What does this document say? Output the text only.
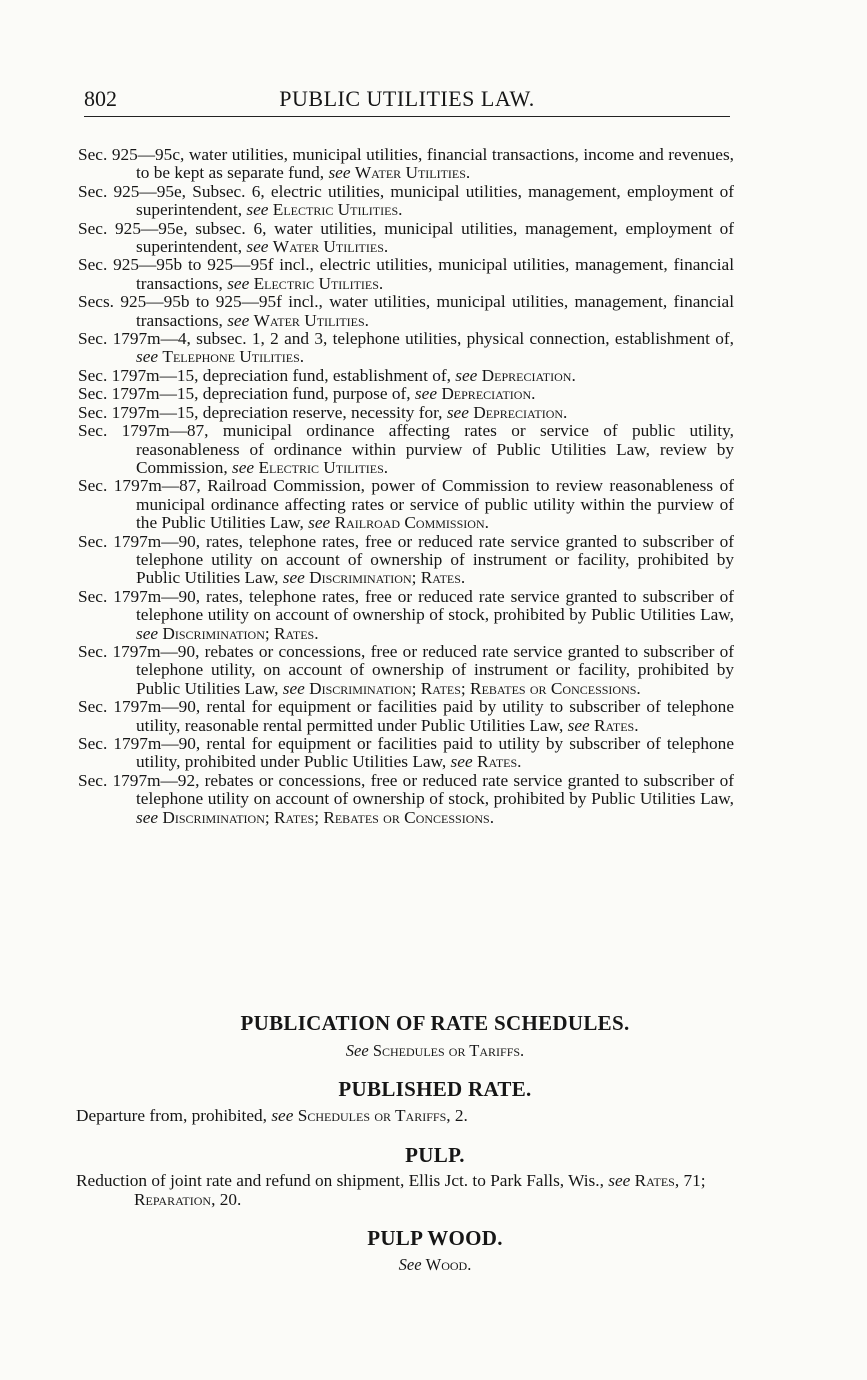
802	PUBLIC UTILITIES LAW.

Sec. 925—95c, water utilities, municipal utilities, financial transactions, income and revenues, to be kept as separate fund, see Water Utilities.

Sec. 925—95e, Subsec. 6, electric utilities, municipal utilities, management, employment of superintendent, see Electric Utilities.

Sec. 925—95e, subsec. 6, water utilities, municipal utilities, management, employment of superintendent, see Water Utilities.

Sec. 925—95b to 925—95f incl., electric utilities, municipal utilities, management, financial transactions, see Electric Utilities.

Secs. 925—95b to 925—95f incl., water utilities, municipal utilities, management, financial transactions, see Water Utilities.

Sec. 1797m—4, subsec. 1, 2 and 3, telephone utilities, physical connection, establishment of, see Telephone Utilities.

Sec. 1797m—15, depreciation fund, establishment of, see Depreciation.

Sec. 1797m—15, depreciation fund, purpose of, see Depreciation.

Sec. 1797m—15, depreciation reserve, necessity for, see Depreciation.

Sec. 1797m—87, municipal ordinance affecting rates or service of public utility, reasonableness of ordinance within purview of Public Utilities Law, review by Commission, see Electric Utilities.

Sec. 1797m—87, Railroad Commission, power of Commission to review reasonableness of municipal ordinance affecting rates or service of public utility within the purview of the Public Utilities Law, see Railroad Commission.

Sec. 1797m—90, rates, telephone rates, free or reduced rate service granted to subscriber of telephone utility on account of ownership of instrument or facility, prohibited by Public Utilities Law, see Discrimination; Rates.

Sec. 1797m—90, rates, telephone rates, free or reduced rate service granted to subscriber of telephone utility on account of ownership of stock, prohibited by Public Utilities Law, see Discrimination; Rates.

Sec. 1797m—90, rebates or concessions, free or reduced rate service granted to subscriber of telephone utility, on account of ownership of instrument or facility, prohibited by Public Utilities Law, see Discrimination; Rates; Rebates or Concessions.

Sec. 1797m—90, rental for equipment or facilities paid by utility to subscriber of telephone utility, reasonable rental permitted under Public Utilities Law, see Rates.

Sec. 1797m—90, rental for equipment or facilities paid to utility by subscriber of telephone utility, prohibited under Public Utilities Law, see Rates.

Sec. 1797m—92, rebates or concessions, free or reduced rate service granted to subscriber of telephone utility on account of ownership of stock, prohibited by Public Utilities Law, see Discrimination; Rates; Rebates or Concessions.

PUBLICATION OF RATE SCHEDULES.
See Schedules or Tariffs.
PUBLISHED RATE.
Departure from, prohibited, see Schedules or Tariffs, 2.
PULP.
Reduction of joint rate and refund on shipment, Ellis Jct. to Park Falls, Wis., see Rates, 71; Reparation, 20.
PULP WOOD.
See Wood.
